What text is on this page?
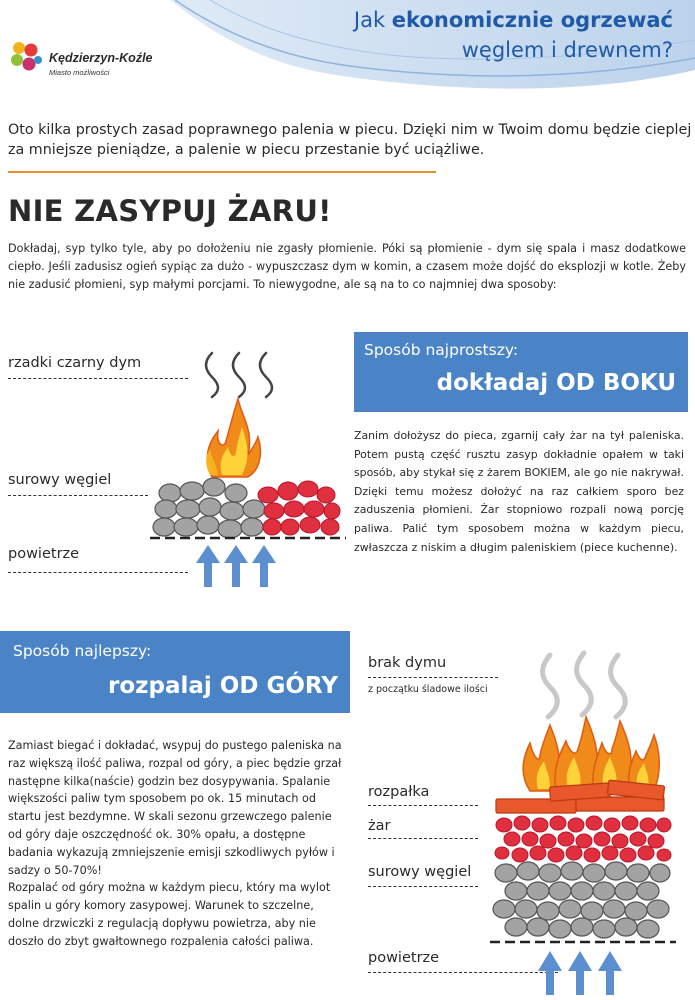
Kędzierzyn-Koźle
Miasto możliwości
Jak ekonomicznie ogrzewać
węglem i drewnem?
Oto kilka prostych zasad poprawnego palenia w piecu. Dzięki nim w Twoim domu będzie cieplej za mniejsze pieniądze, a palenie w piecu przestanie być uciążliwe.
NIE ZASYPUJ ŻARU!
Dokładaj, syp tylko tyle, aby po dołożeniu nie zgasły płomienie. Póki są płomienie - dym się spala i masz dodatkowe ciepło. Jeśli zadusisz ogień sypiąc za dużo - wypuszczasz dym w komin, a czasem może dojść do eksplozji w kotle. Żeby nie zadusić płomieni, syp małymi porcjami. To niewygodne, ale są na to co najmniej dwa sposoby:
rzadki czarny dym
surowy węgiel
powietrze
Sposób najprostszy:
dokładaj OD BOKU
Zanim dołożysz do pieca, zgarnij cały żar na tył paleniska. Potem pustą część rusztu zasyp dokładnie opałem w taki sposób, aby stykał się z żarem BOKIEM, ale go nie nakrywał. Dzięki temu możesz dołożyć na raz całkiem sporo bez zaduszenia płomieni. Żar stopniowo rozpali nową porcję paliwa. Palić tym sposobem można w każdym piecu, zwłaszcza z niskim a długim paleniskiem (piece kuchenne).
Sposób najlepszy:
rozpalaj OD GÓRY
Zamiast biegać i dokładać, wsypuj do pustego paleniska na raz większą ilość paliwa, rozpal od góry, a piec będzie grzał następne kilka(naście) godzin bez dosypywania. Spalanie większości paliw tym sposobem po ok. 15 minutach od startu jest bezdymne. W skali sezonu grzewczego palenie od góry daje oszczędność ok. 30% opału, a dostępne badania wykazują zmniejszenie emisji szkodliwych pyłów i sadzy o 50-70%!
Rozpalać od góry można w każdym piecu, który ma wylot spalin u góry komory zasypowej. Warunek to szczelne, dolne drzwiczki z regulacją dopływu powietrza, aby nie doszło do zbyt gwałtownego rozpalenia całości paliwa.
brak dymu
z początku śladowe ilości
rozpałka
żar
surowy węgiel
powietrze
